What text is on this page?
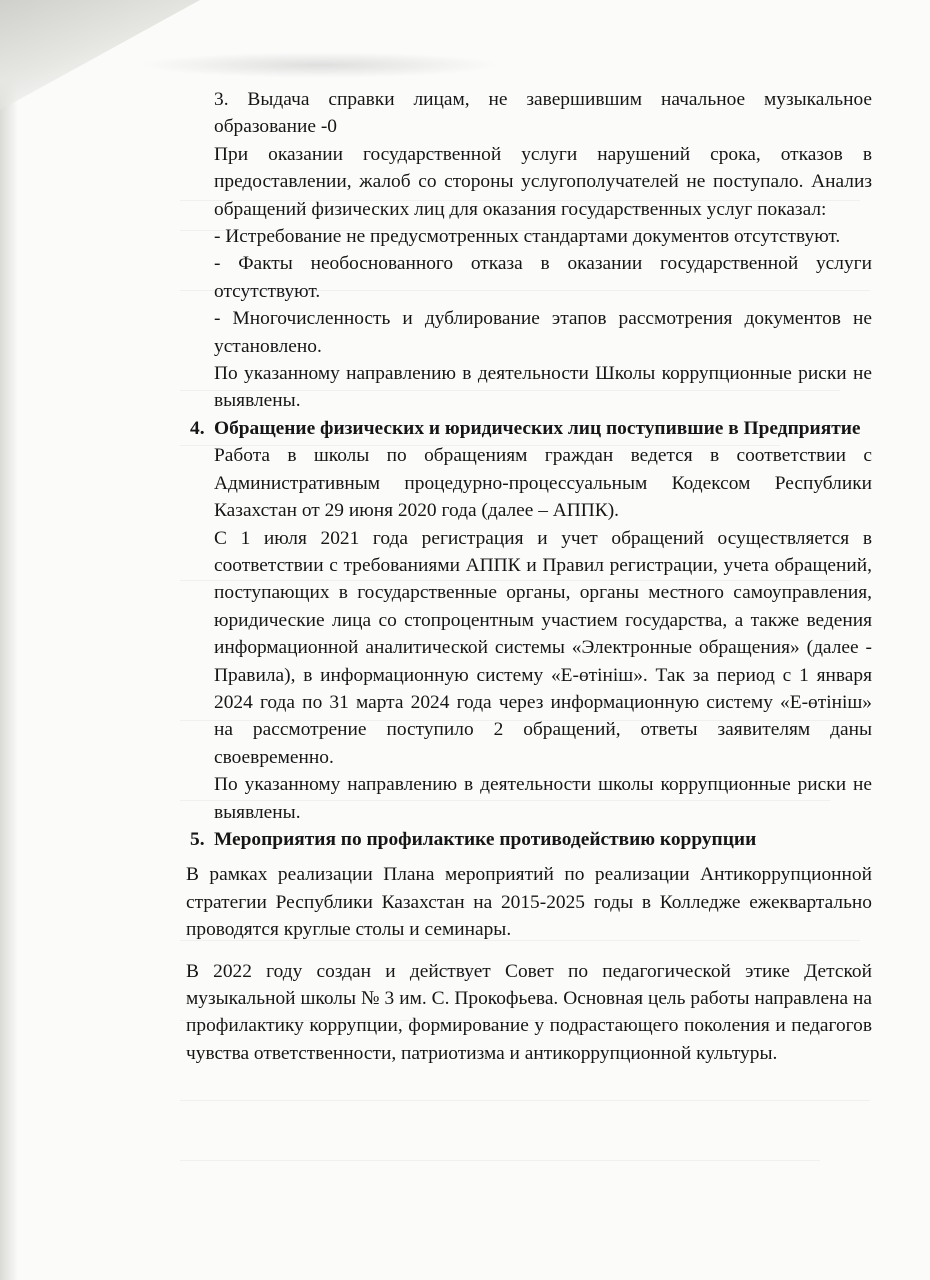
3. Выдача справки лицам, не завершившим начальное музыкальное образование -0

При оказании государственной услуги нарушений срока, отказов в предоставлении, жалоб со стороны услугополучателей не поступало. Анализ обращений физических лиц для оказания государственных услуг показал:

- Истребование не предусмотренных стандартами документов отсутствуют.

- Факты необоснованного отказа в оказании государственной услуги отсутствуют.

- Многочисленность и дублирование этапов рассмотрения документов не установлено.

По указанному направлению в деятельности Школы коррупционные риски не выявлены.

4. Обращение физических и юридических лиц поступившие в Предприятие

Работа в школы по обращениям граждан ведется в соответствии с Административным процедурно-процессуальным Кодексом Республики Казахстан от 29 июня 2020 года (далее – АППК).

С 1 июля 2021 года регистрация и учет обращений осуществляется в соответствии с требованиями АППК и Правил регистрации, учета обращений, поступающих в государственные органы, органы местного самоуправления, юридические лица со стопроцентным участием государства, а также ведения информационной аналитической системы «Электронные обращения» (далее - Правила), в информационную систему «Е-өтініш». Так за период с 1 января 2024 года по 31 марта 2024 года через информационную систему «Е-өтініш» на рассмотрение поступило 2 обращений, ответы заявителям даны своевременно.

По указанному направлению в деятельности школы коррупционные риски не выявлены.

5. Мероприятия по профилактике противодействию коррупции

В рамках реализации Плана мероприятий по реализации Антикоррупционной стратегии Республики Казахстан на 2015-2025 годы в Колледже ежеквартально проводятся круглые столы и семинары.

В 2022 году создан и действует Совет по педагогической этике Детской музыкальной школы № 3 им. С. Прокофьева. Основная цель работы направлена на профилактику коррупции, формирование у подрастающего поколения и педагогов чувства ответственности, патриотизма и антикоррупционной культуры.
